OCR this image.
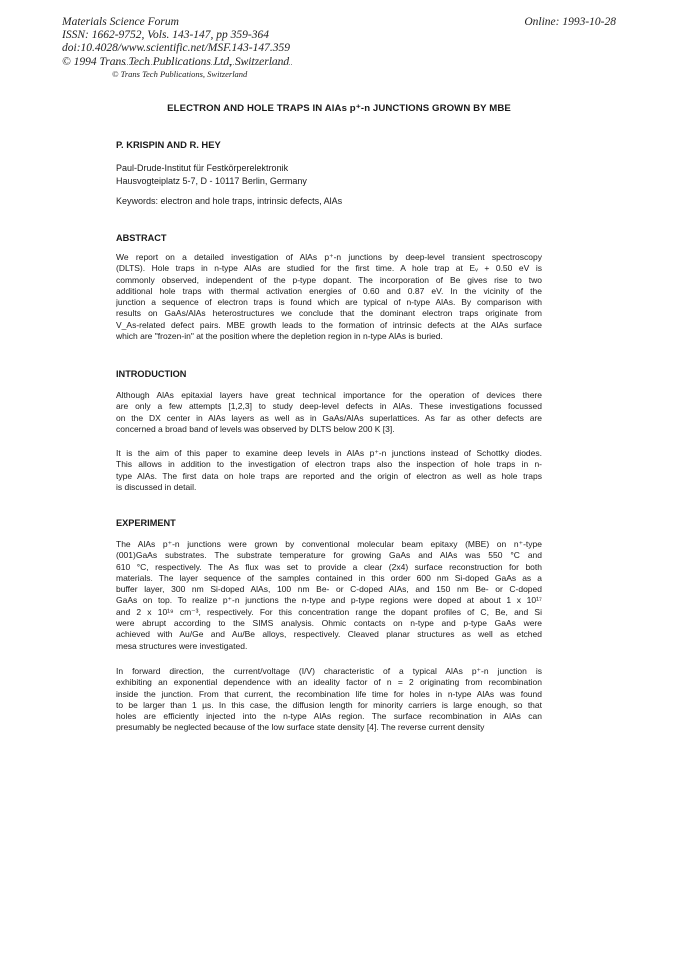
Materials Science Forum
ISSN: 1662-9752, Vols. 143-147, pp 359-364
doi:10.4028/www.scientific.net/MSF.143-147.359
© 1994 Trans Tech Publications Ltd, Switzerland
Online: 1993-10-28
© Trans Tech Publications, Switzerland
ELECTRON AND HOLE TRAPS IN AlAs p⁺-n JUNCTIONS GROWN BY MBE
P. KRISPIN AND R. HEY
Paul-Drude-Institut für Festkörperelektronik
Hausvogteiplatz 5-7, D - 10117 Berlin, Germany
Keywords: electron and hole traps, intrinsic defects, AlAs
ABSTRACT
We report on a detailed investigation of AlAs p⁺-n junctions by deep-level transient spectroscopy
(DLTS). Hole traps in n-type AlAs are studied for the first time. A hole trap at Eᵥ + 0.50 eV is
commonly observed, independent of the p-type dopant. The incorporation of Be gives rise to two
additional hole traps with thermal activation energies of 0.60 and 0.87 eV. In the vicinity of the
junction a sequence of electron traps is found which are typical of n-type AlAs. By comparison with
results on GaAs/AlAs heterostructures we conclude that the dominant electron traps originate from
V_As-related defect pairs. MBE growth leads to the formation of intrinsic defects at the AlAs surface
which are "frozen-in" at the position where the depletion region in n-type AlAs is buried.
INTRODUCTION
Although AlAs epitaxial layers have great technical importance for the operation of devices there
are only a few attempts [1,2,3] to study deep-level defects in AlAs. These investigations focussed
on the DX center in AlAs layers as well as in GaAs/AlAs superlattices. As far as other defects are
concerned a broad band of levels was observed by DLTS below 200 K [3].
It is the aim of this paper to examine deep levels in AlAs p⁺-n junctions instead of Schottky diodes.
This allows in addition to the investigation of electron traps also the inspection of hole traps in n-
type AlAs. The first data on hole traps are reported and the origin of electron as well as hole traps
is discussed in detail.
EXPERIMENT
The AlAs p⁺-n junctions were grown by conventional molecular beam epitaxy (MBE) on n⁺-type
(001)GaAs substrates. The substrate temperature for growing GaAs and AlAs was 550 °C and
610 °C, respectively. The As flux was set to provide a clear (2x4) surface reconstruction for both
materials. The layer sequence of the samples contained in this order 600 nm Si-doped GaAs as a
buffer layer, 300 nm Si-doped AlAs, 100 nm Be- or C-doped AlAs, and 150 nm Be- or C-doped
GaAs on top. To realize p⁺-n junctions the n-type and p-type regions were doped at about 1 x 10¹⁷
and 2 x 10¹⁹ cm⁻³, respectively. For this concentration range the dopant profiles of C, Be, and Si
were abrupt according to the SIMS analysis. Ohmic contacts on n-type and p-type GaAs were
achieved with Au/Ge and Au/Be alloys, respectively. Cleaved planar structures as well as etched
mesa structures were investigated.
In forward direction, the current/voltage (I/V) characteristic of a typical AlAs p⁺-n junction is
exhibiting an exponential dependence with an ideality factor of n = 2 originating from recombination
inside the junction. From that current, the recombination life time for holes in n-type AlAs was found
to be larger than 1 µs. In this case, the diffusion length for minority carriers is large enough, so that
holes are efficiently injected into the n-type AlAs region. The surface recombination in AlAs can
presumably be neglected because of the low surface state density [4]. The reverse current density
